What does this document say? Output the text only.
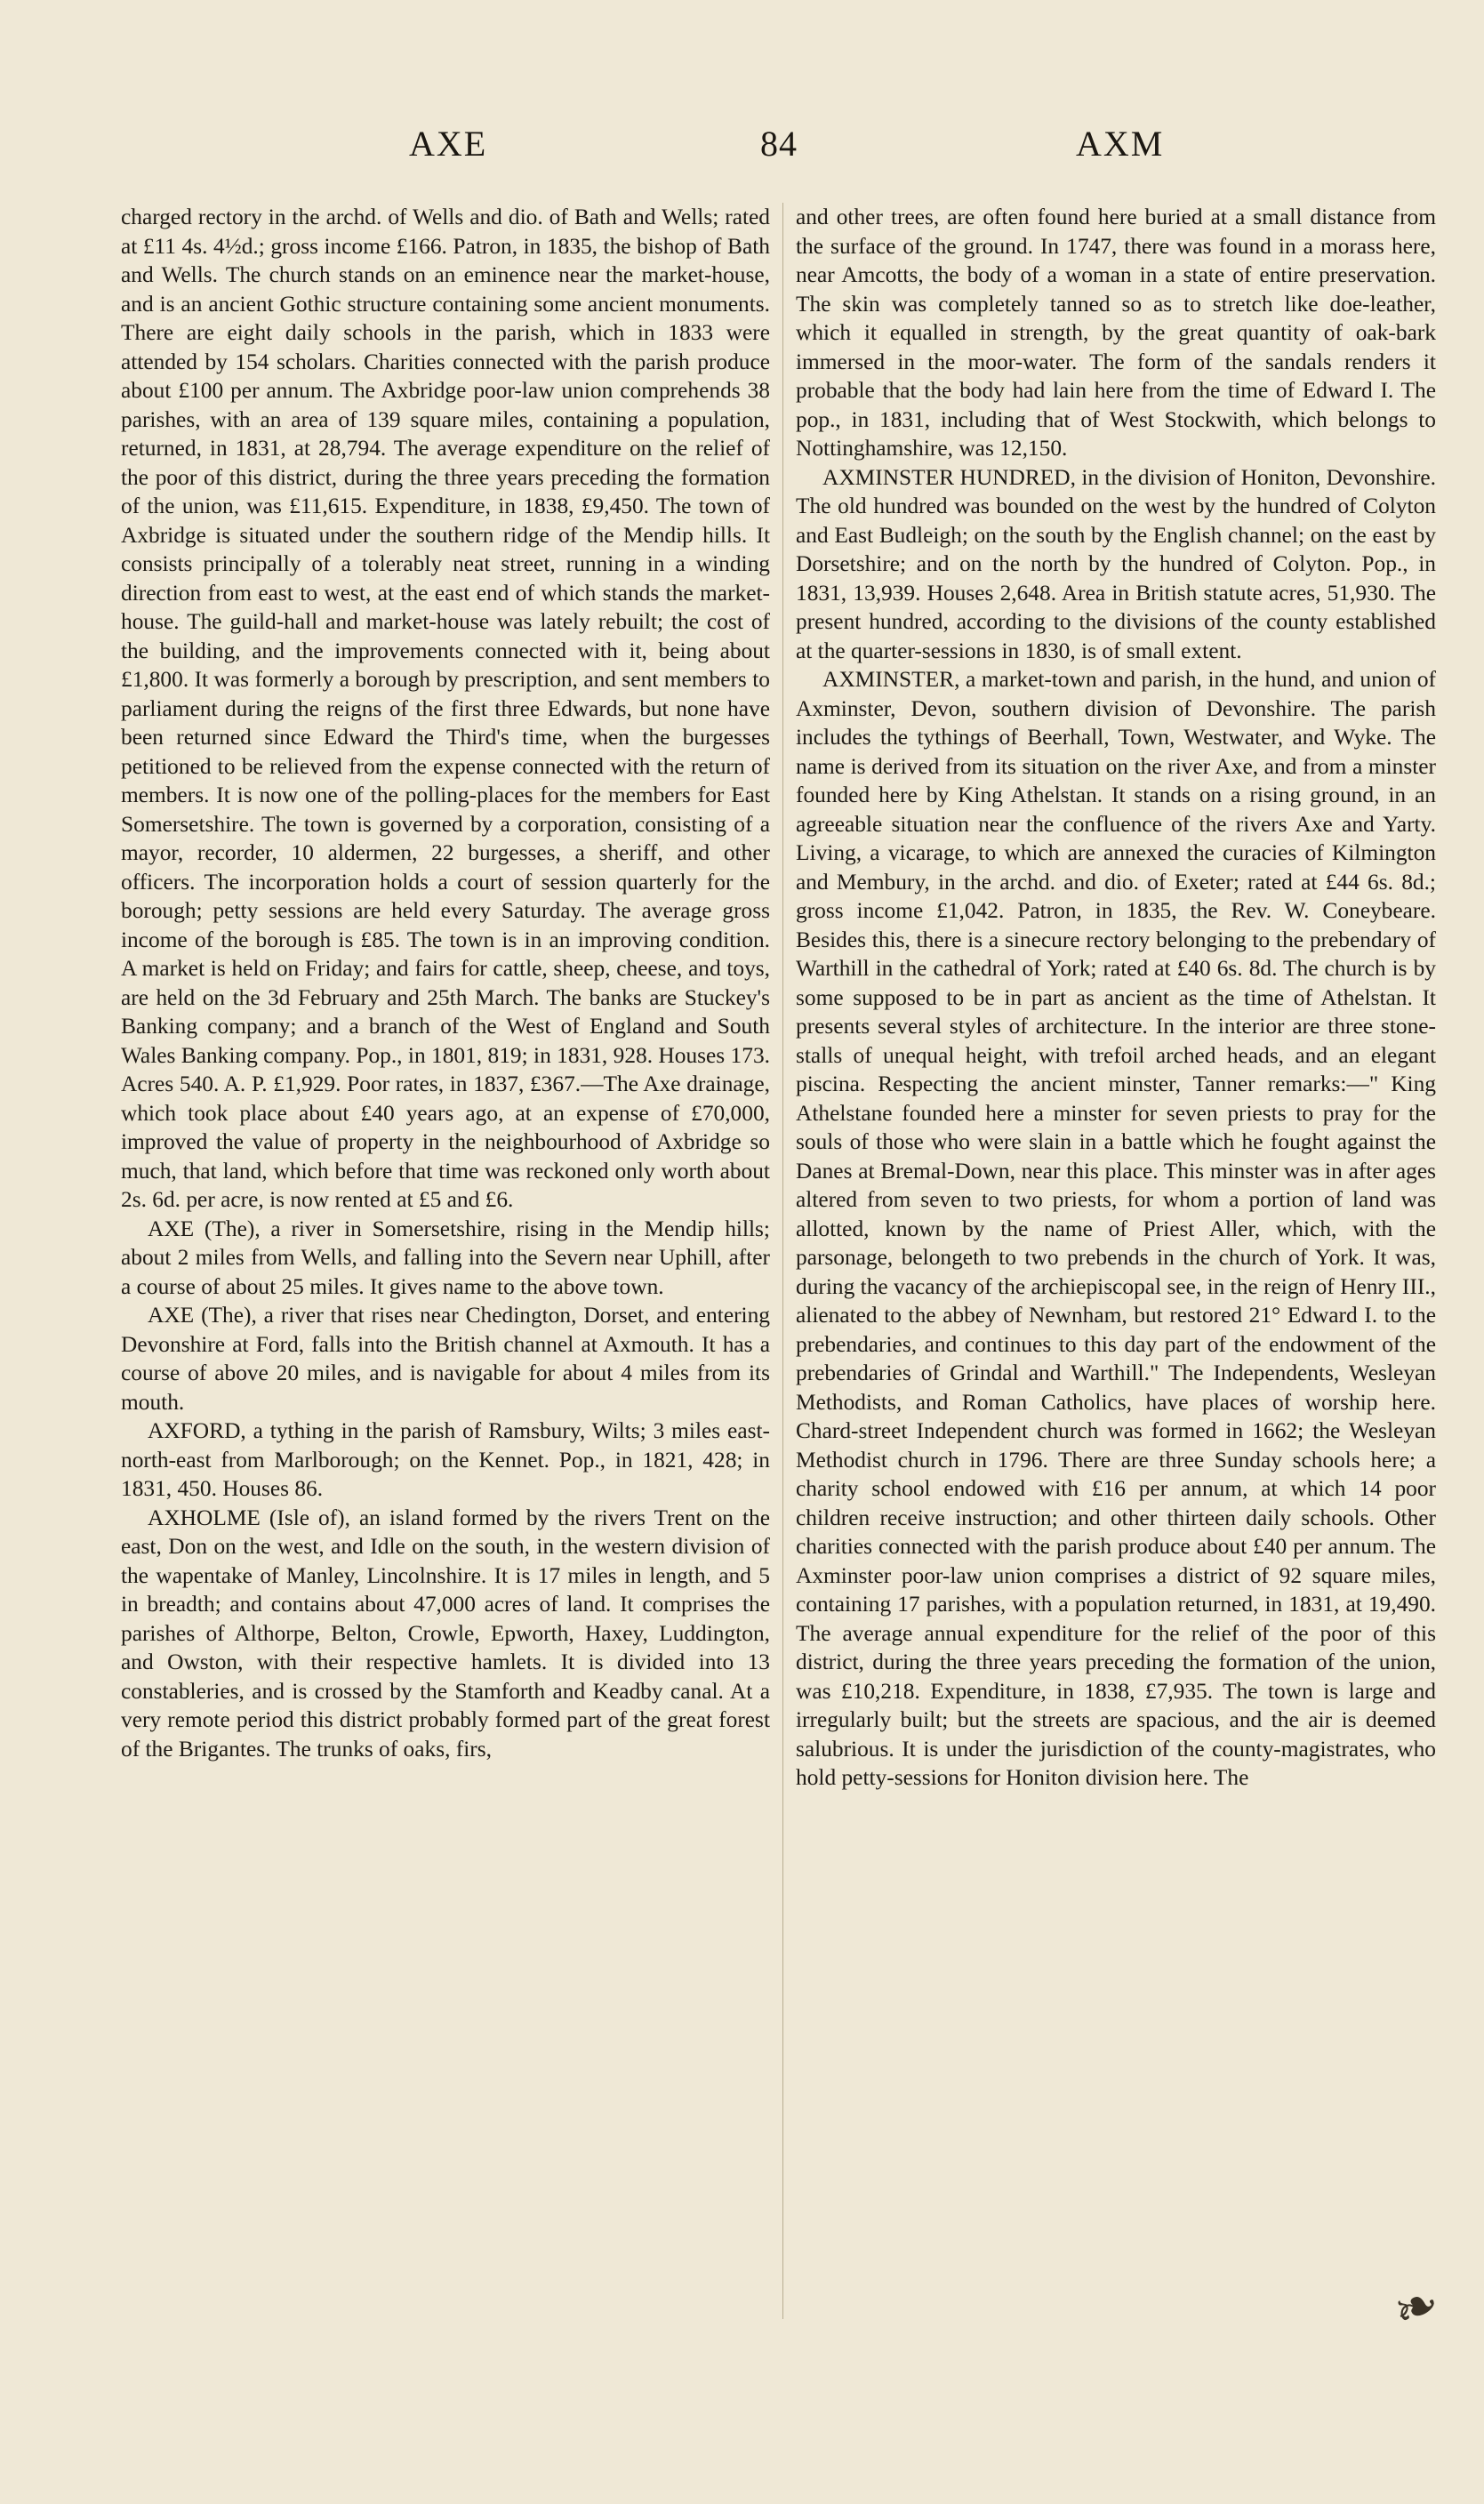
AXE	84	AXM

charged rectory in the archd. of Wells and dio. of Bath and Wells; rated at £11 4s. 4½d.; gross income £166. Patron, in 1835, the bishop of Bath and Wells. The church stands on an eminence near the market-house, and is an ancient Gothic structure containing some ancient monuments. There are eight daily schools in the parish, which in 1833 were attended by 154 scholars. Charities connected with the parish produce about £100 per annum. The Axbridge poor-law union comprehends 38 parishes, with an area of 139 square miles, containing a population, returned, in 1831, at 28,794. The average expenditure on the relief of the poor of this district, during the three years preceding the formation of the union, was £11,615. Expenditure, in 1838, £9,450. The town of Axbridge is situated under the southern ridge of the Mendip hills. It consists principally of a tolerably neat street, running in a winding direction from east to west, at the east end of which stands the market-house. The guild-hall and market-house was lately rebuilt; the cost of the building, and the improvements connected with it, being about £1,800. It was formerly a borough by prescription, and sent members to parliament during the reigns of the first three Edwards, but none have been returned since Edward the Third's time, when the burgesses petitioned to be relieved from the expense connected with the return of members. It is now one of the polling-places for the members for East Somersetshire. The town is governed by a corporation, consisting of a mayor, recorder, 10 aldermen, 22 burgesses, a sheriff, and other officers. The incorporation holds a court of session quarterly for the borough; petty sessions are held every Saturday. The average gross income of the borough is £85. The town is in an improving condition. A market is held on Friday; and fairs for cattle, sheep, cheese, and toys, are held on the 3d February and 25th March. The banks are Stuckey's Banking company; and a branch of the West of England and South Wales Banking company. Pop., in 1801, 819; in 1831, 928. Houses 173. Acres 540. A. P. £1,929. Poor rates, in 1837, £367.—The Axe drainage, which took place about £40 years ago, at an expense of £70,000, improved the value of property in the neighbourhood of Axbridge so much, that land, which before that time was reckoned only worth about 2s. 6d. per acre, is now rented at £5 and £6.

AXE (The), a river in Somersetshire, rising in the Mendip hills; about 2 miles from Wells, and falling into the Severn near Uphill, after a course of about 25 miles. It gives name to the above town.

AXE (The), a river that rises near Chedington, Dorset, and entering Devonshire at Ford, falls into the British channel at Axmouth. It has a course of above 20 miles, and is navigable for about 4 miles from its mouth.

AXFORD, a tything in the parish of Ramsbury, Wilts; 3 miles east-north-east from Marlborough; on the Kennet. Pop., in 1821, 428; in 1831, 450. Houses 86.

AXHOLME (Isle of), an island formed by the rivers Trent on the east, Don on the west, and Idle on the south, in the western division of the wapentake of Manley, Lincolnshire. It is 17 miles in length, and 5 in breadth; and contains about 47,000 acres of land. It comprises the parishes of Althorpe, Belton, Crowle, Epworth, Haxey, Luddington, and Owston, with their respective hamlets. It is divided into 13 constableries, and is crossed by the Stamforth and Keadby canal. At a very remote period this district probably formed part of the great forest of the Brigantes. The trunks of oaks, firs,

and other trees, are often found here buried at a small distance from the surface of the ground. In 1747, there was found in a morass here, near Amcotts, the body of a woman in a state of entire preservation. The skin was completely tanned so as to stretch like doe-leather, which it equalled in strength, by the great quantity of oak-bark immersed in the moor-water. The form of the sandals renders it probable that the body had lain here from the time of Edward I. The pop., in 1831, including that of West Stockwith, which belongs to Nottinghamshire, was 12,150.

AXMINSTER HUNDRED, in the division of Honiton, Devonshire. The old hundred was bounded on the west by the hundred of Colyton and East Budleigh; on the south by the English channel; on the east by Dorsetshire; and on the north by the hundred of Colyton. Pop., in 1831, 13,939. Houses 2,648. Area in British statute acres, 51,930. The present hundred, according to the divisions of the county established at the quarter-sessions in 1830, is of small extent.

AXMINSTER, a market-town and parish, in the hund, and union of Axminster, Devon, southern division of Devonshire. The parish includes the tythings of Beerhall, Town, Westwater, and Wyke. The name is derived from its situation on the river Axe, and from a minster founded here by King Athelstan. It stands on a rising ground, in an agreeable situation near the confluence of the rivers Axe and Yarty. Living, a vicarage, to which are annexed the curacies of Kilmington and Membury, in the archd. and dio. of Exeter; rated at £44 6s. 8d.; gross income £1,042. Patron, in 1835, the Rev. W. Coneybeare. Besides this, there is a sinecure rectory belonging to the prebendary of Warthill in the cathedral of York; rated at £40 6s. 8d. The church is by some supposed to be in part as ancient as the time of Athelstan. It presents several styles of architecture. In the interior are three stone-stalls of unequal height, with trefoil arched heads, and an elegant piscina. Respecting the ancient minster, Tanner remarks:—" King Athelstane founded here a minster for seven priests to pray for the souls of those who were slain in a battle which he fought against the Danes at Bremal-Down, near this place. This minster was in after ages altered from seven to two priests, for whom a portion of land was allotted, known by the name of Priest Aller, which, with the parsonage, belongeth to two prebends in the church of York. It was, during the vacancy of the archiepiscopal see, in the reign of Henry III., alienated to the abbey of Newnham, but restored 21° Edward I. to the prebendaries, and continues to this day part of the endowment of the prebendaries of Grindal and Warthill." The Independents, Wesleyan Methodists, and Roman Catholics, have places of worship here. Chard-street Independent church was formed in 1662; the Wesleyan Methodist church in 1796. There are three Sunday schools here; a charity school endowed with £16 per annum, at which 14 poor children receive instruction; and other thirteen daily schools. Other charities connected with the parish produce about £40 per annum. The Axminster poor-law union comprises a district of 92 square miles, containing 17 parishes, with a population returned, in 1831, at 19,490. The average annual expenditure for the relief of the poor of this district, during the three years preceding the formation of the union, was £10,218. Expenditure, in 1838, £7,935. The town is large and irregularly built; but the streets are spacious, and the air is deemed salubrious. It is under the jurisdiction of the county-magistrates, who hold petty-sessions for Honiton division here. The

❧
